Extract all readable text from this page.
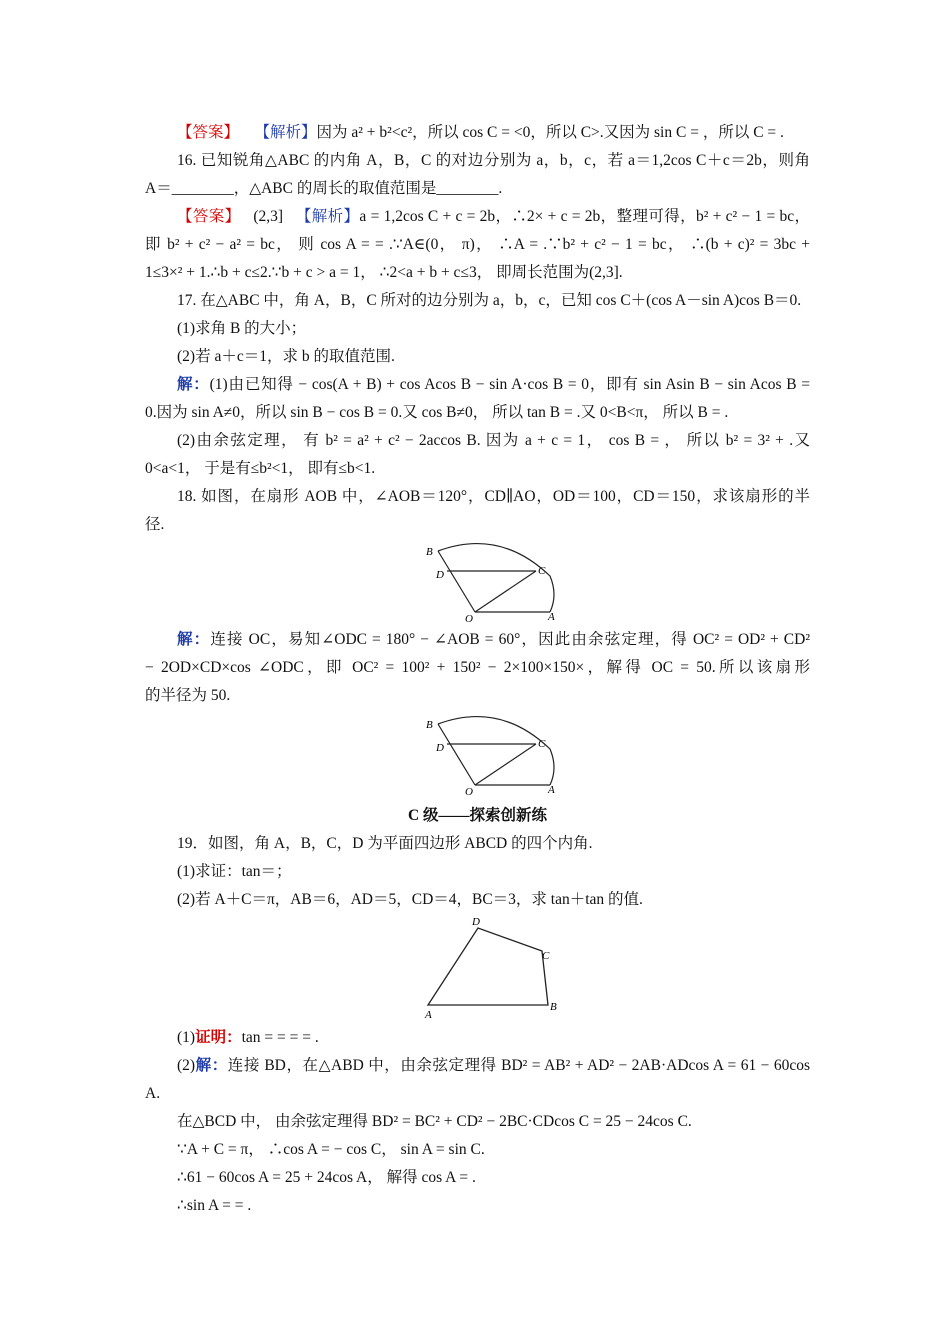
【答案】 【解析】因为 a² + b²<c²，所以 cos C = <0，所以 C>.又因为 sin C = ，所以 C = .
16. 已知锐角△ABC 的内角 A，B，C 的对边分别为 a，b，c，若 a＝1,2cos C＋c＝2b，则角
A＝________，△ABC 的周长的取值范围是________.
【答案】 (2,3] 【解析】a = 1,2cos C + c = 2b，∴2× + c = 2b，整理可得，b² + c² − 1 = bc，
即 b² + c² − a² = bc， 则 cos A = = .∵A∈(0， π)， ∴A = .∵b² + c² − 1 = bc， ∴(b + c)² = 3bc +
1≤3×² + 1.∴b + c≤2.∵b + c > a = 1， ∴2<a + b + c≤3， 即周长范围为(2,3].
17. 在△ABC 中，角 A，B，C 所对的边分别为 a，b，c，已知 cos C＋(cos A－sin A)cos B＝0.
(1)求角 B 的大小；
(2)若 a＋c＝1，求 b 的取值范围.
解：(1)由已知得 − cos(A + B) + cos Acos B − sin A·cos B = 0，即有 sin Asin B − sin Acos B =
0.因为 sin A≠0，所以 sin B − cos B = 0.又 cos B≠0， 所以 tan B = .又 0<B<π， 所以 B = .
(2)由余弦定理， 有 b² = a² + c² − 2accos B. 因为 a + c = 1， cos B = ， 所以 b² = 3² + .又
0<a<1， 于是有≤b²<1， 即有≤b<1.
18. 如图，在扇形 AOB 中，∠AOB＝120°，CD∥AO，OD＝100，CD＝150，求该扇形的半
径.
B
D	C
O	A
解：连接 OC，易知∠ODC = 180° − ∠AOB = 60°，因此由余弦定理，得 OC² = OD² + CD²
− 2OD×CD×cos ∠ODC，即 OC² = 100² + 150² − 2×100×150×，解得 OC = 50.所以该扇形
的半径为 50.
B
D	C
O	A
C 级——探索创新练
19．如图，角 A，B，C，D 为平面四边形 ABCD 的四个内角.
(1)求证：tan＝；
(2)若 A＋C＝π，AB＝6，AD＝5，CD＝4，BC＝3，求 tan＋tan 的值.
D
C
A
B
(1)证明：tan = = = = .
(2)解：连接 BD，在△ABD 中，由余弦定理得 BD² = AB² + AD² − 2AB·ADcos A = 61 − 60cos
A.
在△BCD 中， 由余弦定理得 BD² = BC² + CD² − 2BC·CDcos C = 25 − 24cos C.
∵A + C = π， ∴cos A = − cos C， sin A = sin C.
∴61 − 60cos A = 25 + 24cos A， 解得 cos A = .
∴sin A = = .
